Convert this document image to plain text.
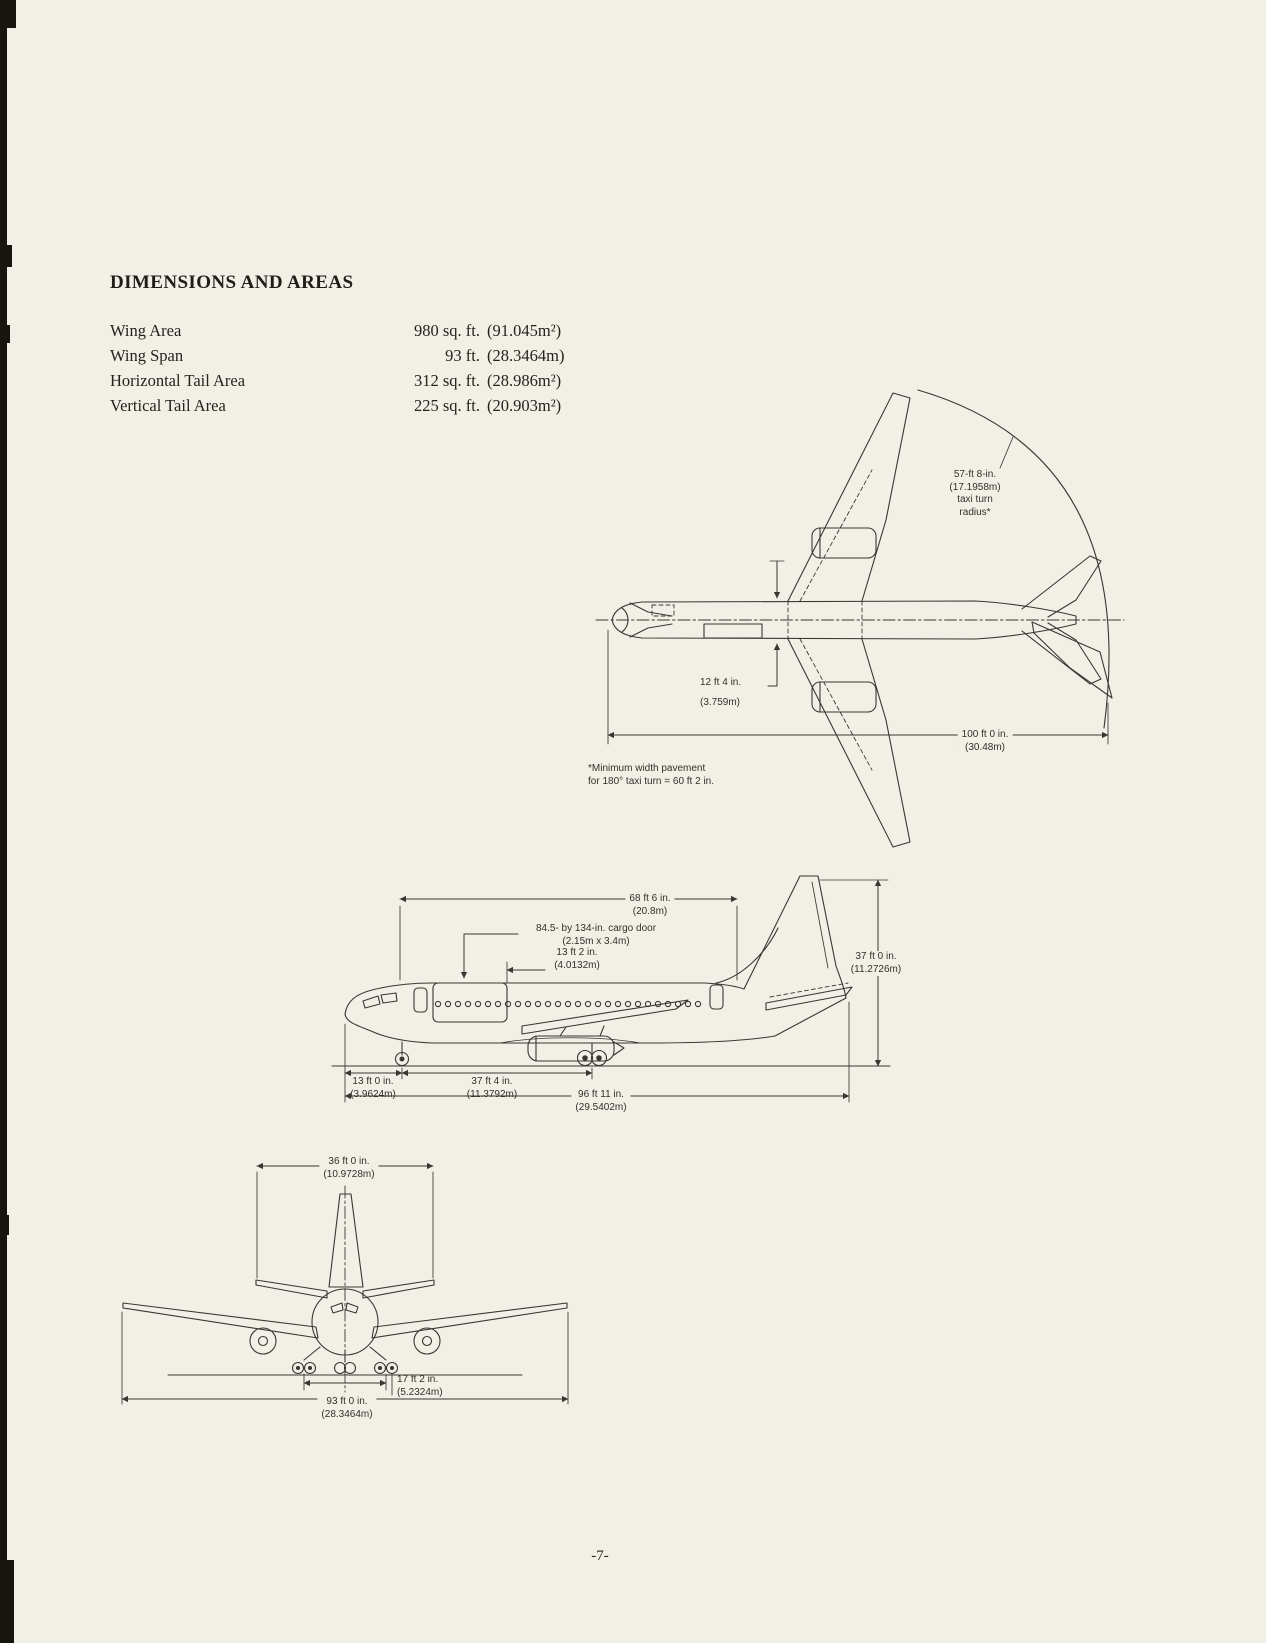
DIMENSIONS AND AREAS
Wing Area	980 sq. ft.	(91.045m²)
Wing Span	93 ft.	(28.3464m)
Horizontal Tail Area	312 sq. ft.	(28.986m²)
Vertical Tail Area	225 sq. ft.	(20.903m²)
57-ft 8-in.
(17.1958m)
taxi turn
radius*
12 ft 4 in.
(3.759m)
100 ft 0 in.
(30.48m)
*Minimum width pavement
for 180° taxi turn = 60 ft 2 in.
68 ft 6 in.
(20.8m)
84.5- by 134-in. cargo door
(2.15m x 3.4m)
13 ft 2 in.
(4.0132m)
37 ft 0 in.
(11.2726m)
13 ft 0 in.
(3.9624m)
37 ft 4 in.
(11.3792m)	96 ft 11 in.
(29.5402m)
36 ft 0 in.
(10.9728m)
17 ft 2 in.
(5.2324m)
93 ft 0 in.
(28.3464m)
-7-
